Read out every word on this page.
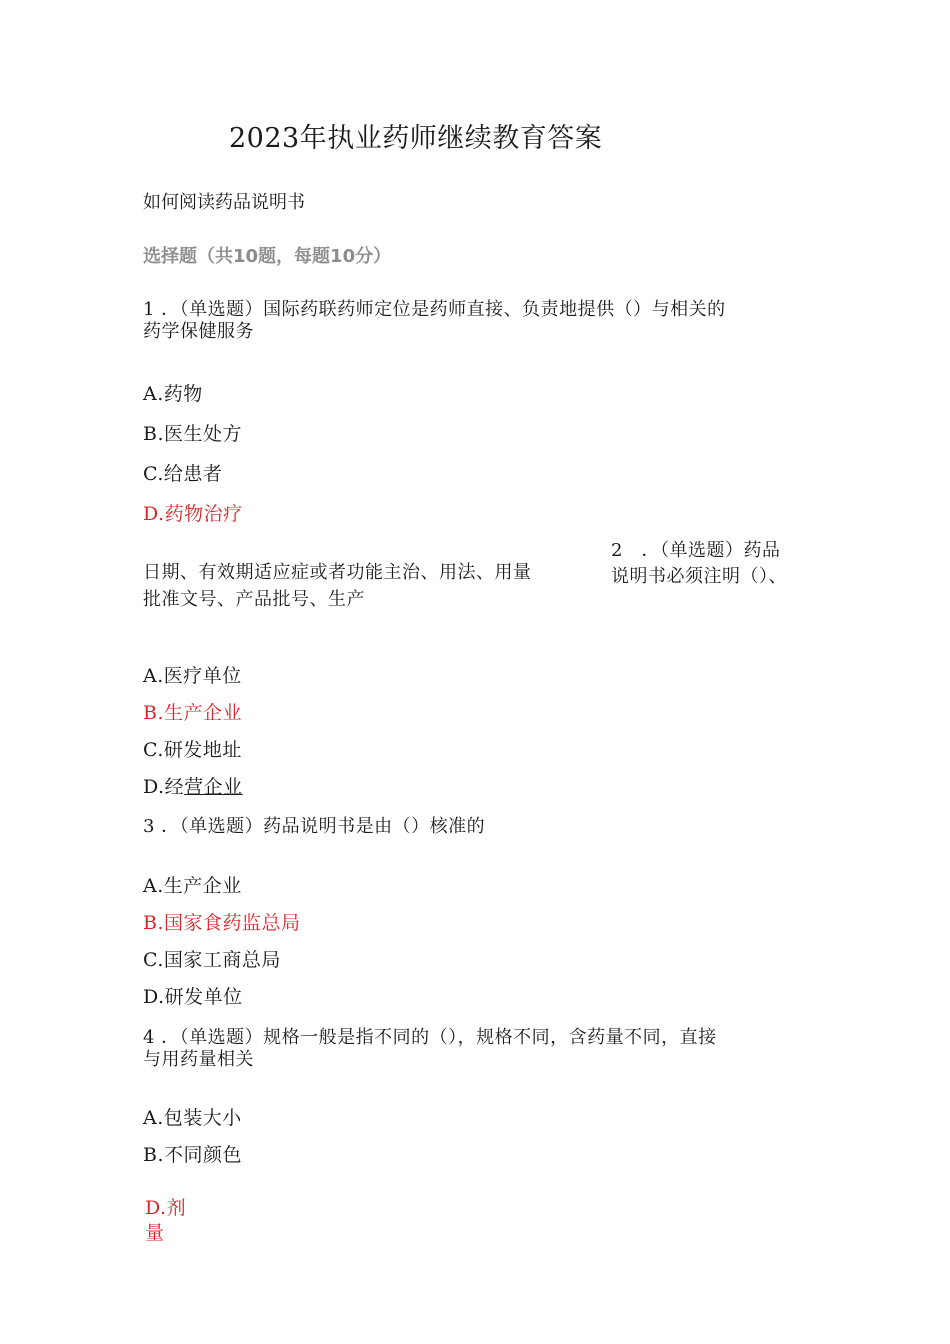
2023年执业药师继续教育答案
如何阅读药品说明书
选择题（共10题，每题10分）
1 ．（单选题）国际药联药师定位是药师直接、负责地提供（）与相关的
药学保健服务
A.药物
B.医生处方
C.给患者
D.药物治疗
2　．（单选题）药品
说明书必须注明（）、
日期、有效期适应症或者功能主治、用法、用量
批准文号、产品批号、生产
A.医疗单位
B.生产企业
C.研发地址
D.经营企业
3 ．（单选题）药品说明书是由（）核准的
A.生产企业
B.国家食药监总局
C.国家工商总局
D.研发单位
4 ．（单选题）规格一般是指不同的（），规格不同，含药量不同，直接
与用药量相关
A.包装大小
B.不同颜色
D.剂
量
